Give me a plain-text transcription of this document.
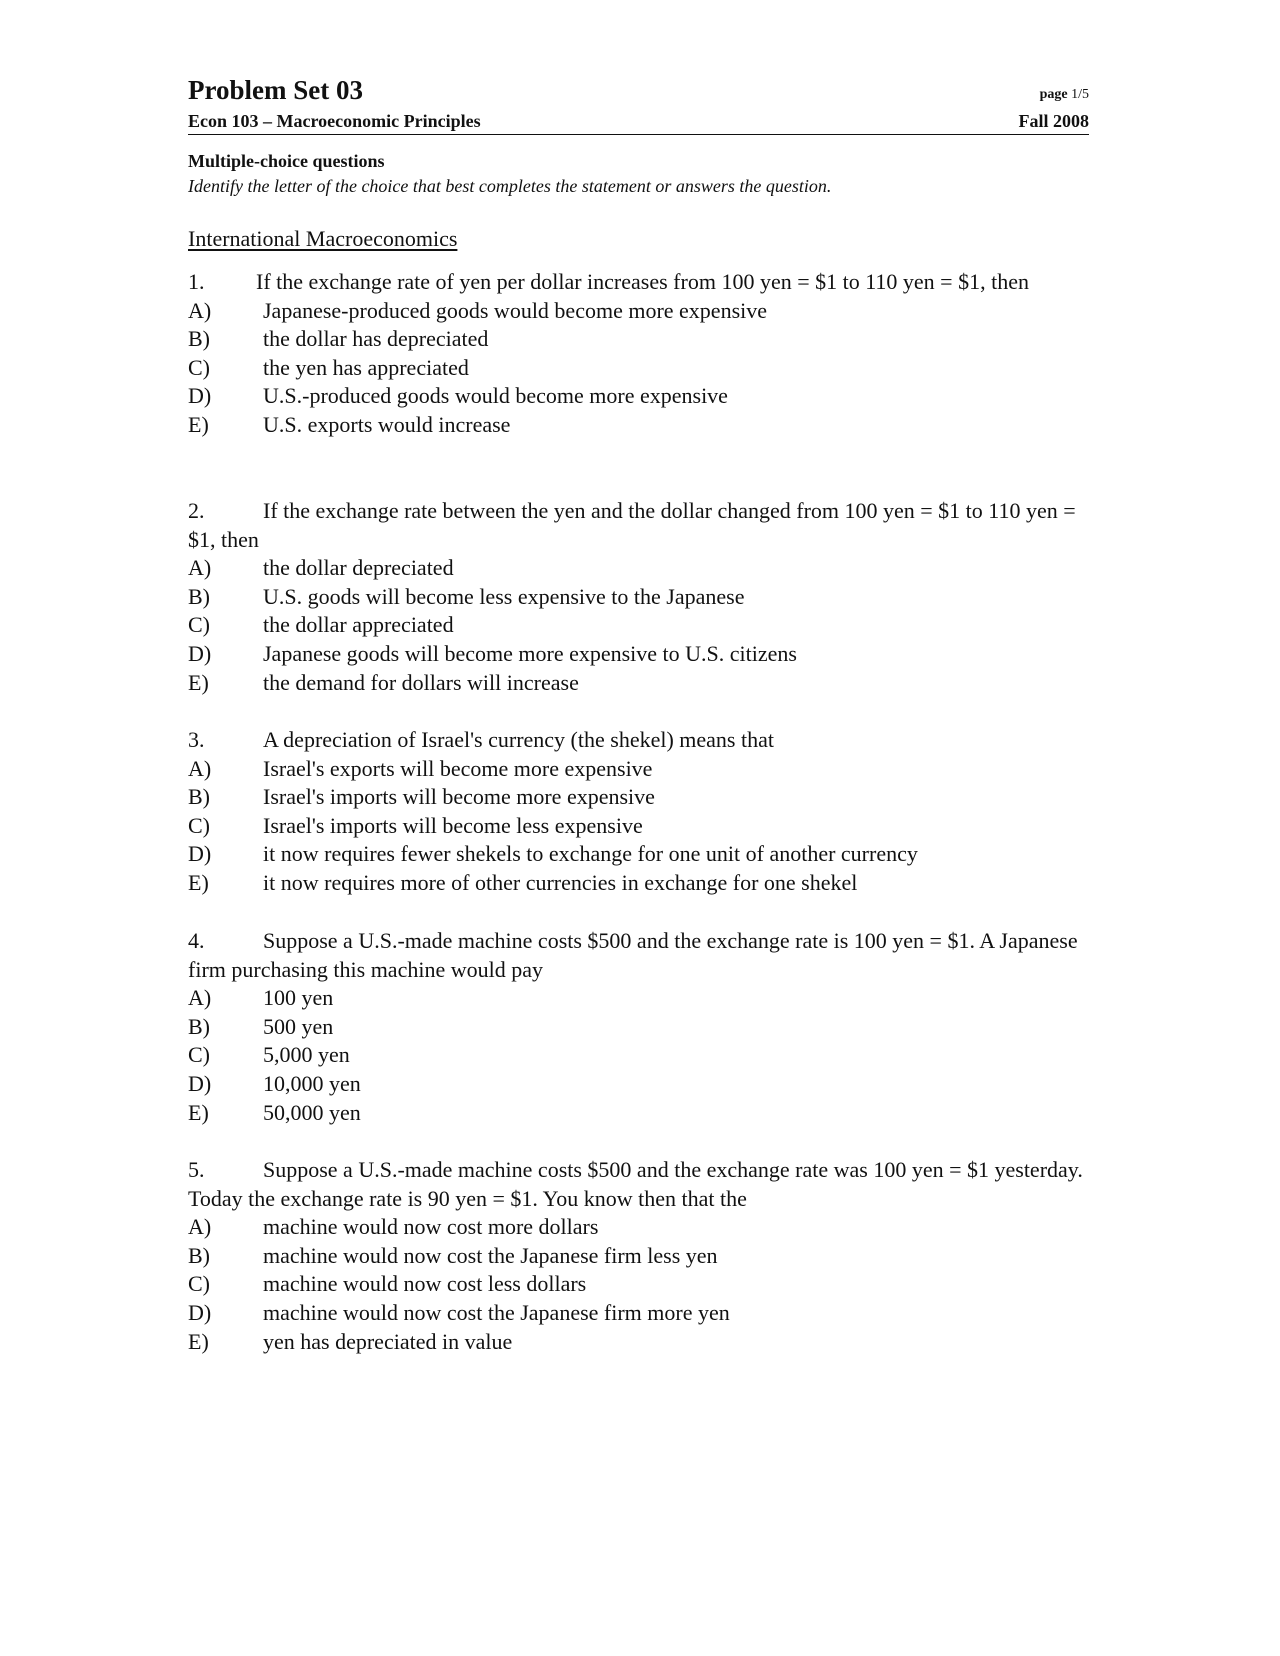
Problem Set 03
Econ 103 – Macroeconomic Principles
page 1/5
Fall 2008
Multiple-choice questions
Identify the letter of the choice that best completes the statement or answers the question.
International Macroeconomics

1. If the exchange rate of yen per dollar increases from 100 yen = $1 to 110 yen = $1, then

A)	Japanese-produced goods would become more expensive
B)	the dollar has depreciated
C)	the yen has appreciated
D)	U.S.-produced goods would become more expensive
E)	U.S. exports would increase

2.	If the exchange rate between the yen and the dollar changed from 100 yen = $1 to 110 yen = $1, then

A)	the dollar depreciated
B)	U.S. goods will become less expensive to the Japanese
C)	the dollar appreciated
D)	Japanese goods will become more expensive to U.S. citizens
E)	the demand for dollars will increase

3.	A depreciation of Israel's currency (the shekel) means that

A)	Israel's exports will become more expensive
B)	Israel's imports will become more expensive
C)	Israel's imports will become less expensive
D)	it now requires fewer shekels to exchange for one unit of another currency
E)	it now requires more of other currencies in exchange for one shekel

4.	Suppose a U.S.-made machine costs $500 and the exchange rate is 100 yen = $1. A Japanese firm purchasing this machine would pay

A)	100 yen
B)	500 yen
C)	5,000 yen
D)	10,000 yen
E)	50,000 yen

5.	Suppose a U.S.-made machine costs $500 and the exchange rate was 100 yen = $1 yesterday. Today the exchange rate is 90 yen = $1. You know then that the

A)	machine would now cost more dollars
B)	machine would now cost the Japanese firm less yen
C)	machine would now cost less dollars
D)	machine would now cost the Japanese firm more yen
E)	yen has depreciated in value
